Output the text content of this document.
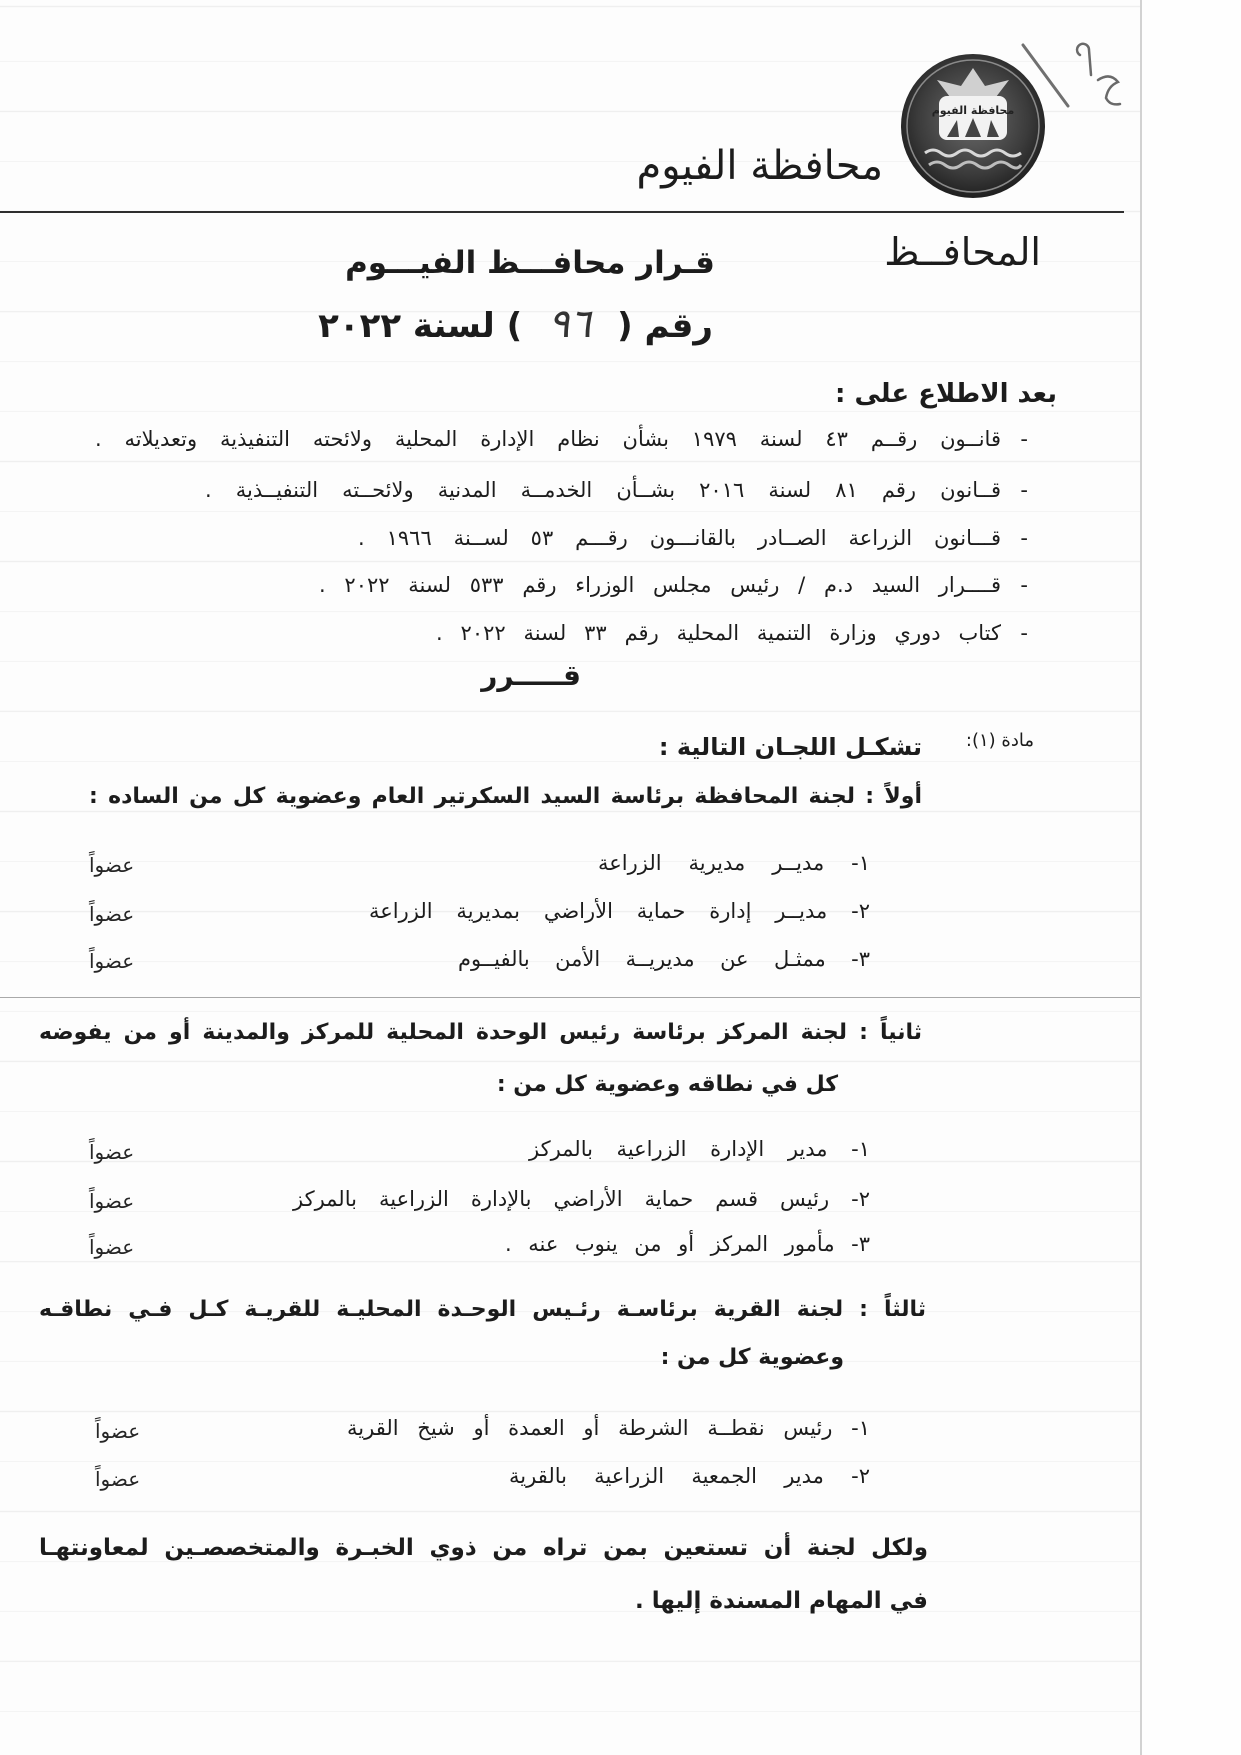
محافظة الفيوم
محافظة الفيوم
المحافــظ
قـرار محافـــظ الفيـــوم
رقم (
٩٦
) لسنة ٢٠٢٢
بعد الاطلاع على :
-
قانــون رقــم ٤٣ لسنة ١٩٧٩ بشأن نظام الإدارة المحلية ولائحته التنفيذية وتعديلاته .
-
قــانون رقم ٨١ لسنة ٢٠١٦ بشــأن الخدمــة المدنية ولائحــته التنفيــذية .
-
قـــانون الزراعة الصــادر بالقانـــون رقـــم ٥٣ لســنة ١٩٦٦ .
-
قــــرار السيد د.م / رئيس مجلس الوزراء رقم ٥٣٣ لسنة ٢٠٢٢ .
-
كتاب دوري وزارة التنمية المحلية رقم ٣٣ لسنة ٢٠٢٢ .
قـــــرر
مادة (١):
تشكـل اللجـان التالية :
أولاً : لجنة المحافظة برئاسة السيد السكرتير العام وعضوية كل من الساده :
١- مديــر مديرية الزراعة
عضواً
٢- مديــر إدارة حماية الأراضي بمديرية الزراعة
عضواً
٣- ممثـل عن مديريــة الأمن بالفيــوم
عضواً
ثانياً : لجنة المركز برئاسة رئيس الوحدة المحلية للمركز والمدينة أو من يفوضه
كل في نطاقه وعضوية كل من :
١- مدير الإدارة الزراعية بالمركز
عضواً
٢- رئيس قسم حماية الأراضي بالإدارة الزراعية بالمركز
عضواً
٣- مأمور المركز أو من ينوب عنه .
عضواً
ثالثاً : لجنة القرية برئاسـة رئـيس الوحـدة المحليـة للقريـة كـل فـي نطاقـه
وعضوية كل من :
١- رئيس نقطــة الشرطة أو العمدة أو شيخ القرية
عضواً
٢- مدير الجمعية الزراعية بالقرية
عضواً
ولكل لجنة أن تستعين بمن تراه من ذوي الخبـرة والمتخصصـين لمعاونتهـا
في المهام المسندة إليها .
